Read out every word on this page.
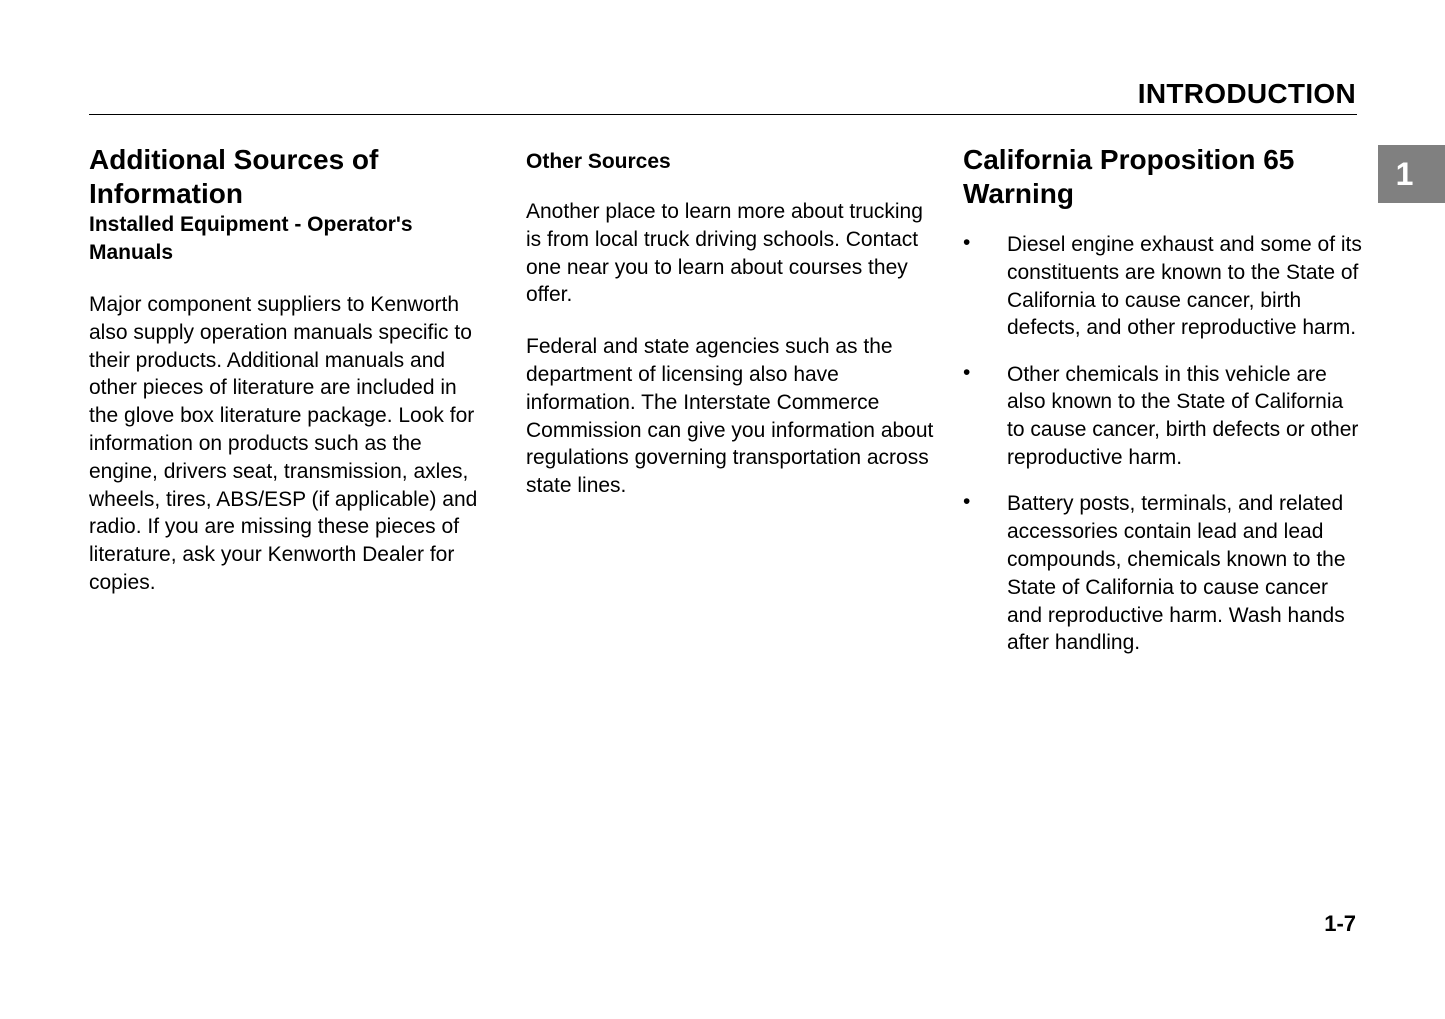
INTRODUCTION
1

Additional Sources of Information

Installed Equipment - Operator's Manuals

Major component suppliers to Kenworth also supply operation manuals specific to their products. Additional manuals and other pieces of literature are included in the glove box literature package. Look for information on products such as the engine, drivers seat, transmission, axles, wheels, tires, ABS/ESP (if applicable) and radio. If you are missing these pieces of literature, ask your Kenworth Dealer for copies.

Other Sources

Another place to learn more about trucking is from local truck driving schools. Contact one near you to learn about courses they offer.

Federal and state agencies such as the department of licensing also have information. The Interstate Commerce Commission can give you information about regulations governing transportation across state lines.

California Proposition 65 Warning

• Diesel engine exhaust and some of its constituents are known to the State of California to cause cancer, birth defects, and other reproductive harm.

• Other chemicals in this vehicle are also known to the State of California to cause cancer, birth defects or other reproductive harm.

• Battery posts, terminals, and related accessories contain lead and lead compounds, chemicals known to the State of California to cause cancer and reproductive harm. Wash hands after handling.

1-7
